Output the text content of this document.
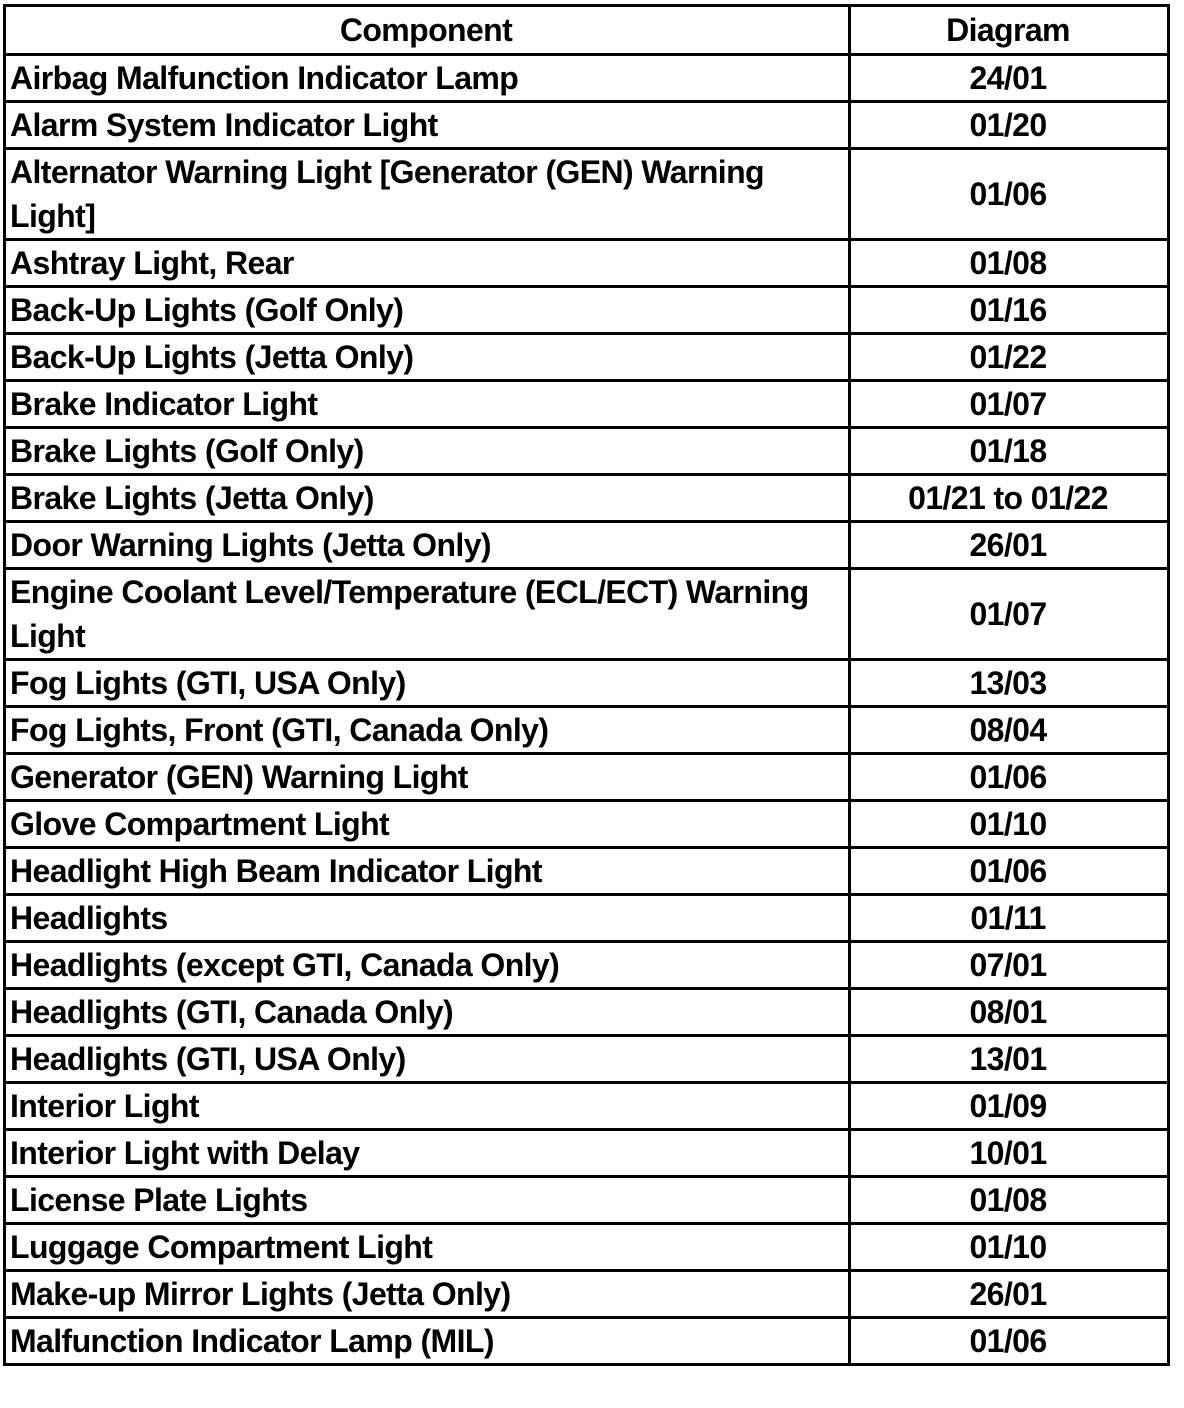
Component	Diagram
Airbag Malfunction Indicator Lamp	24/01
Alarm System Indicator Light	01/20
Alternator Warning Light [Generator (GEN) Warning Light]	01/06
Ashtray Light, Rear	01/08
Back-Up Lights (Golf Only)	01/16
Back-Up Lights (Jetta Only)	01/22
Brake Indicator Light	01/07
Brake Lights (Golf Only)	01/18
Brake Lights (Jetta Only)	01/21 to 01/22
Door Warning Lights (Jetta Only)	26/01
Engine Coolant Level/Temperature (ECL/ECT) Warning Light	01/07
Fog Lights (GTI, USA Only)	13/03
Fog Lights, Front (GTI, Canada Only)	08/04
Generator (GEN) Warning Light	01/06
Glove Compartment Light	01/10
Headlight High Beam Indicator Light	01/06
Headlights	01/11
Headlights (except GTI, Canada Only)	07/01
Headlights (GTI, Canada Only)	08/01
Headlights (GTI, USA Only)	13/01
Interior Light	01/09
Interior Light with Delay	10/01
License Plate Lights	01/08
Luggage Compartment Light	01/10
Make-up Mirror Lights (Jetta Only)	26/01
Malfunction Indicator Lamp (MIL)	01/06
